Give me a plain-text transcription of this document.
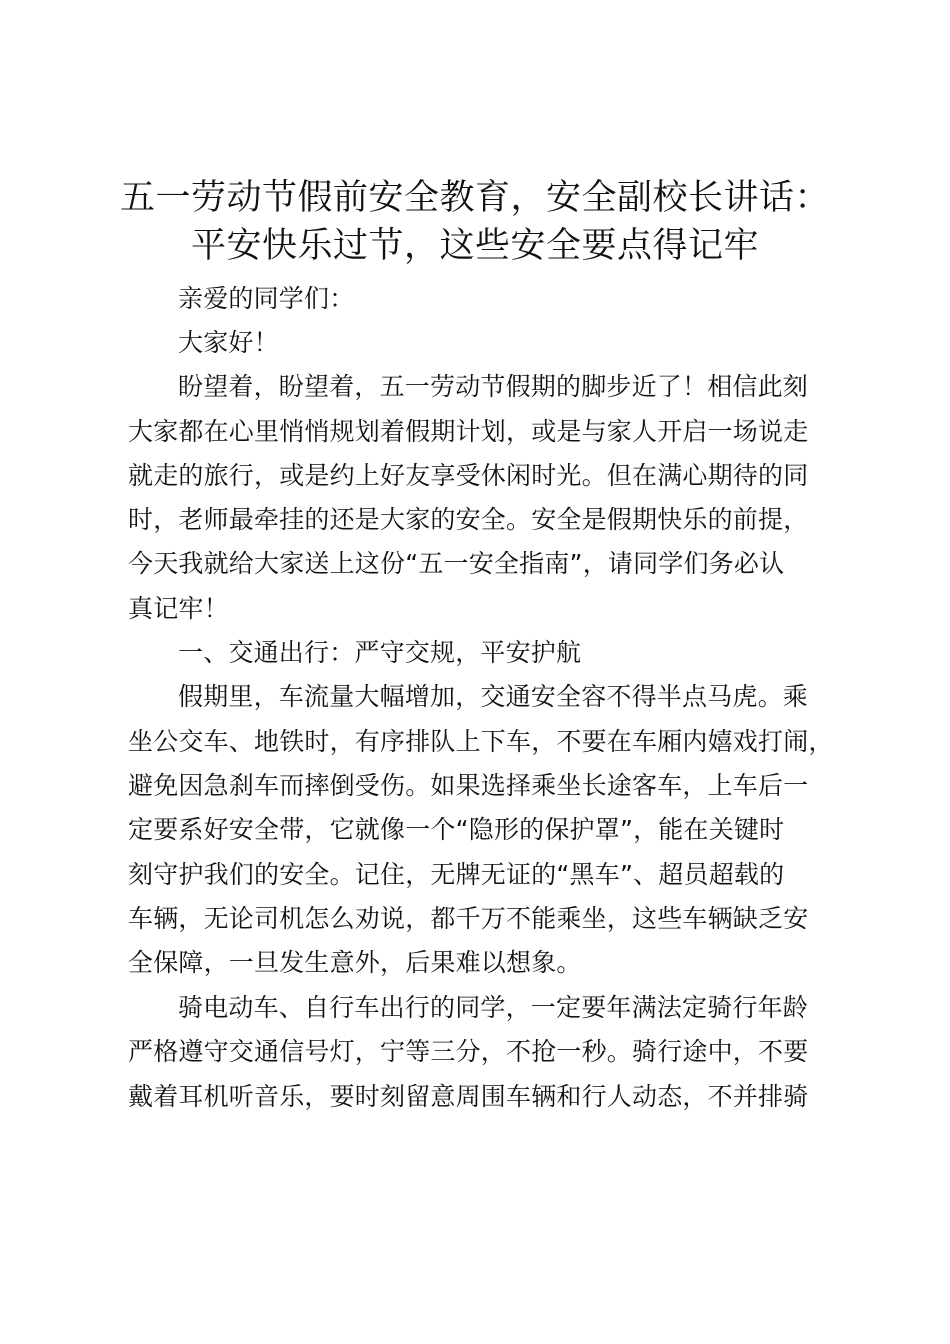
五一劳动节假前安全教育，安全副校长讲话：
平安快乐过节，这些安全要点得记牢
亲爱的同学们：
大家好！
盼望着，盼望着，五一劳动节假期的脚步近了！相信此刻
大家都在心里悄悄规划着假期计划，或是与家人开启一场说走
就走的旅行，或是约上好友享受休闲时光。但在满心期待的同
时，老师最牵挂的还是大家的安全。安全是假期快乐的前提，
今天我就给大家送上这份“五一安全指南”，请同学们务必认
真记牢！
一、交通出行：严守交规，平安护航
假期里，车流量大幅增加，交通安全容不得半点马虎。乘
坐公交车、地铁时，有序排队上下车，不要在车厢内嬉戏打闹，
避免因急刹车而摔倒受伤。如果选择乘坐长途客车，上车后一
定要系好安全带，它就像一个“隐形的保护罩”，能在关键时
刻守护我们的安全。记住，无牌无证的“黑车”、超员超载的
车辆，无论司机怎么劝说，都千万不能乘坐，这些车辆缺乏安
全保障，一旦发生意外，后果难以想象。
骑电动车、自行车出行的同学，一定要年满法定骑行年龄
严格遵守交通信号灯，宁等三分，不抢一秒。骑行途中，不要
戴着耳机听音乐，要时刻留意周围车辆和行人动态，不并排骑
